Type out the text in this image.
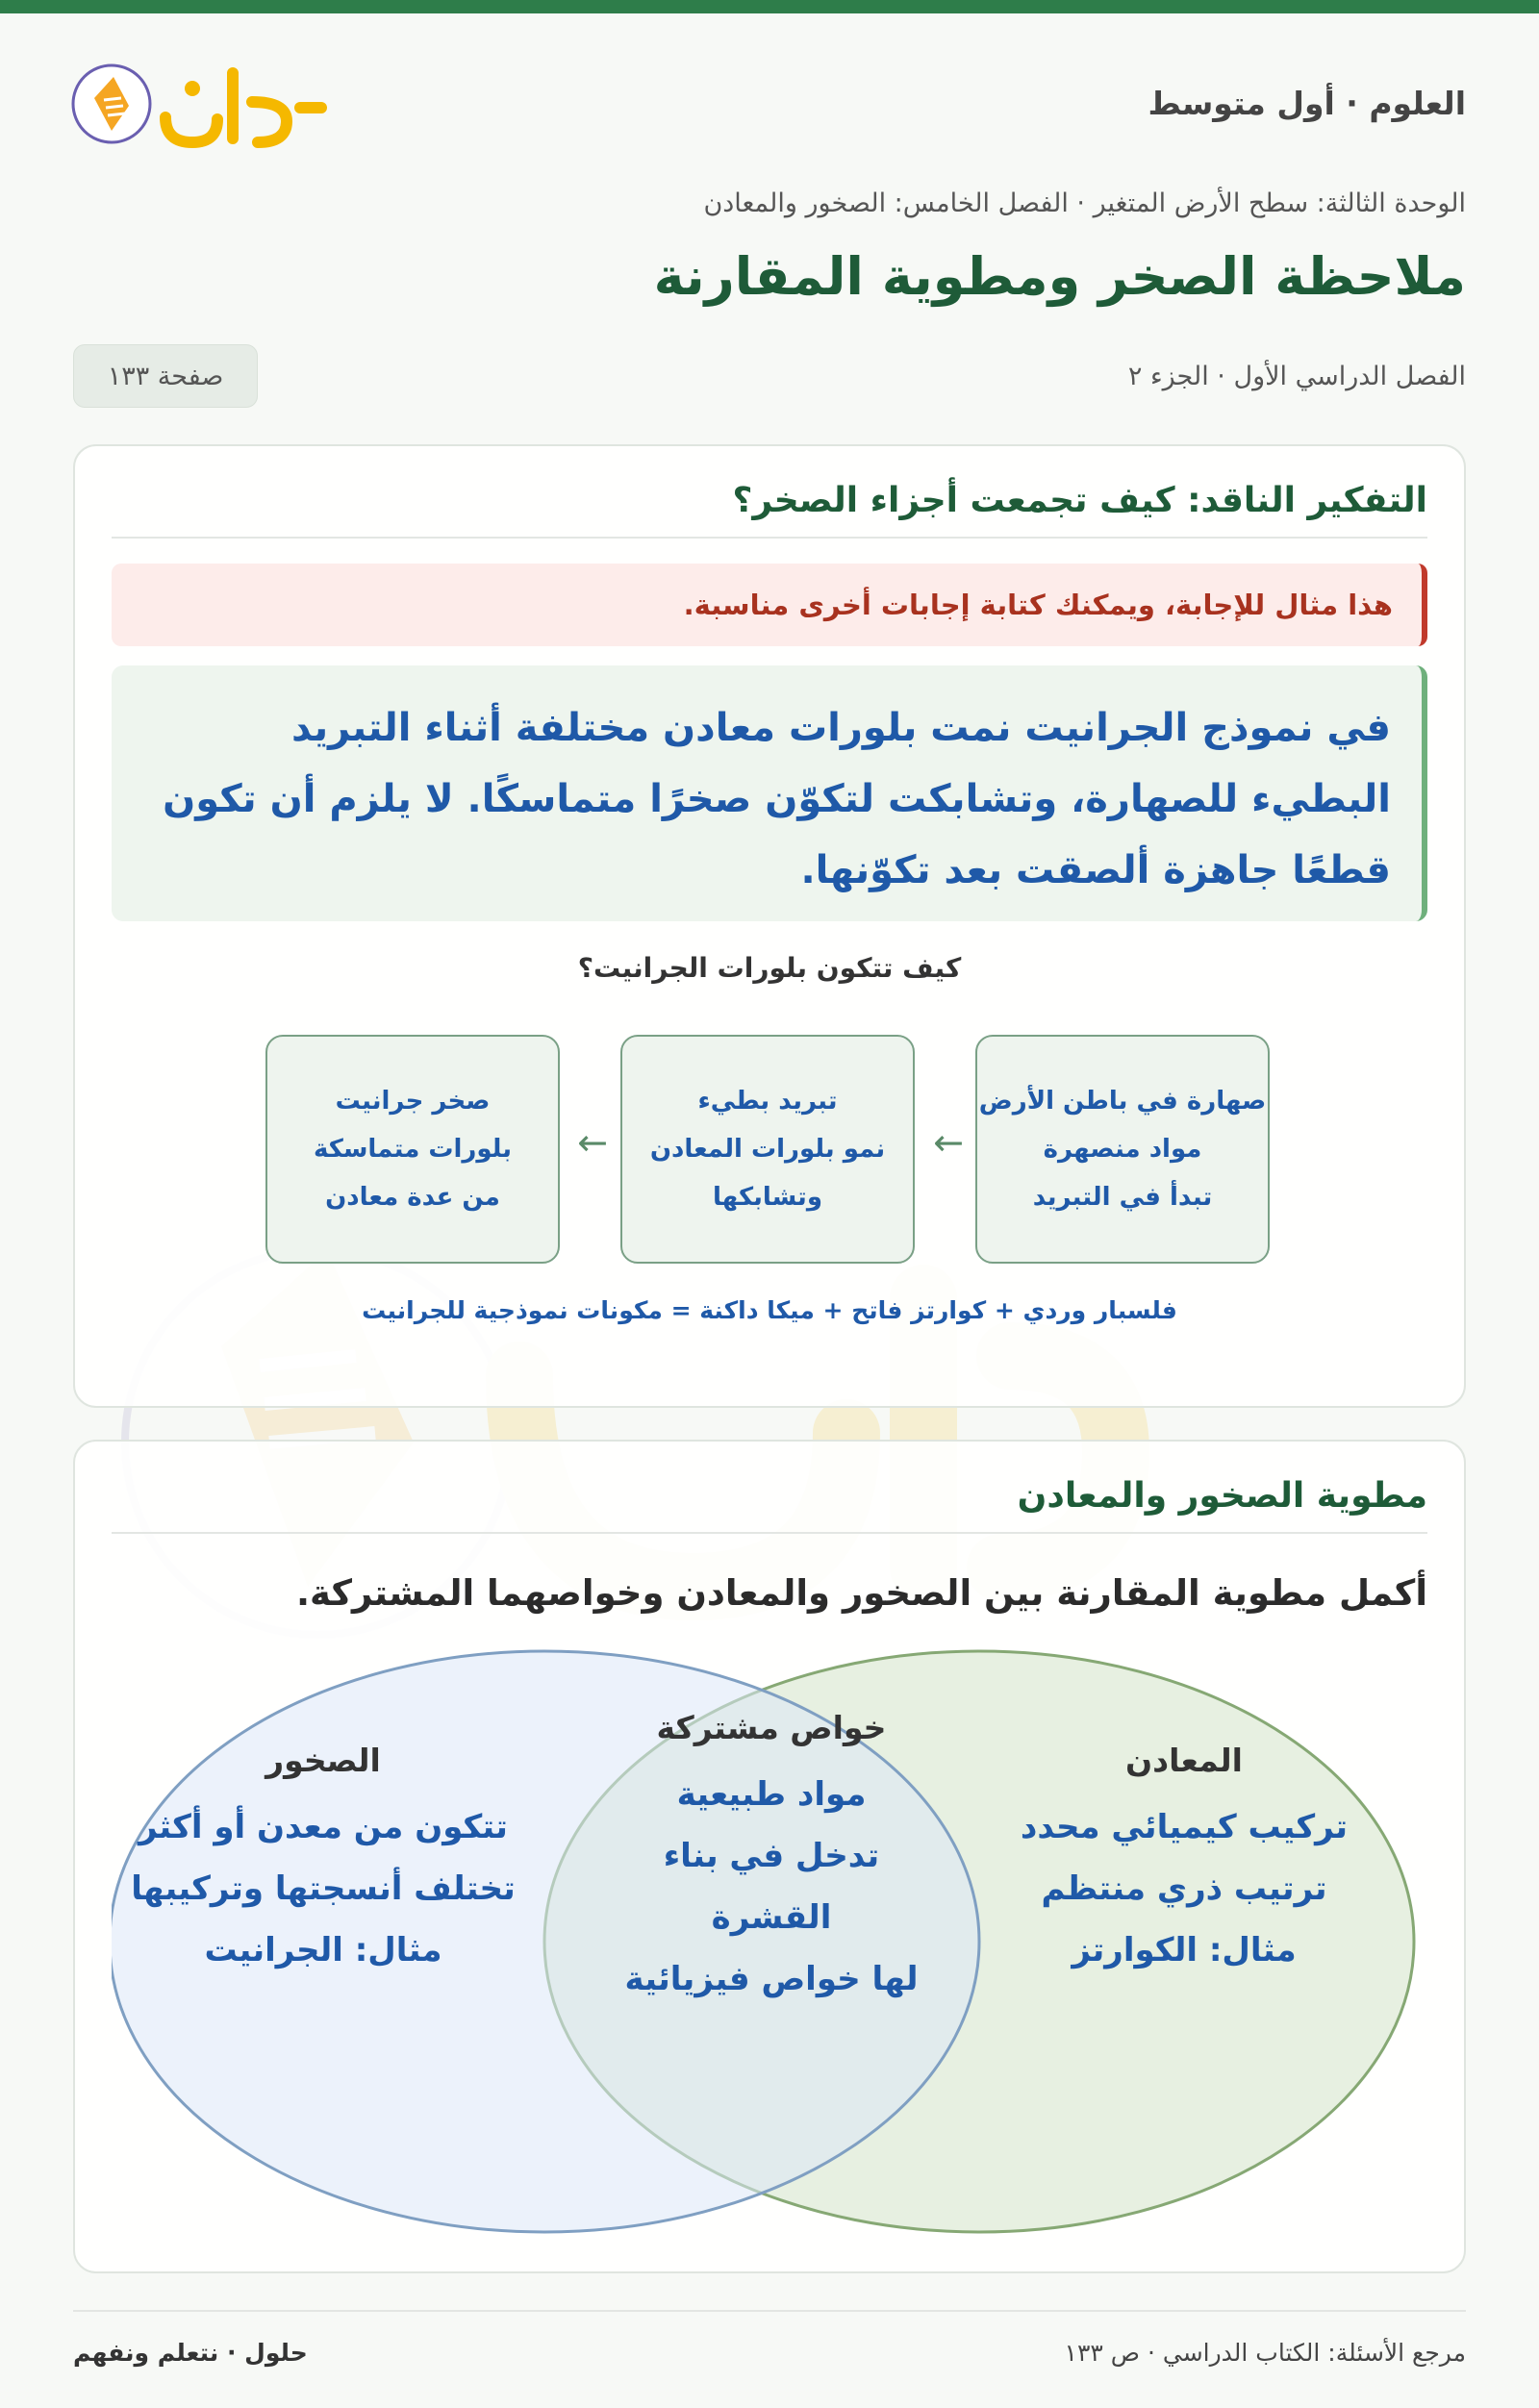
العلوم · أول متوسط
الوحدة الثالثة: سطح الأرض المتغير · الفصل الخامس: الصخور والمعادن
ملاحظة الصخر ومطوية المقارنة
الفصل الدراسي الأول · الجزء ٢
صفحة ١٣٣
التفكير الناقد: كيف تجمعت أجزاء الصخر؟
هذا مثال للإجابة، ويمكنك كتابة إجابات أخرى مناسبة.
في نموذج الجرانيت نمت بلورات معادن مختلفة أثناء التبريد البطيء للصهارة، وتشابكت لتكوّن صخرًا متماسكًا. لا يلزم أن تكون قطعًا جاهزة ألصقت بعد تكوّنها.
كيف تتكون بلورات الجرانيت؟
صهارة في باطن الأرض
مواد منصهرة
تبدأ في التبريد
←
تبريد بطيء
نمو بلورات المعادن
وتشابكها
←
صخر جرانيت
بلورات متماسكة
من عدة معادن
فلسبار وردي + كوارتز فاتح + ميكا داكنة = مكونات نموذجية للجرانيت
مطوية الصخور والمعادن
أكمل مطوية المقارنة بين الصخور والمعادن وخواصهما المشتركة.
الصخور
تتكون من معدن أو أكثر
تختلف أنسجتها وتركيبها
مثال: الجرانيت
خواص مشتركة
مواد طبيعية
تدخل في بناء
القشرة
لها خواص فيزيائية
المعادن
تركيب كيميائي محدد
ترتيب ذري منتظم
مثال: الكوارتز
مرجع الأسئلة: الكتاب الدراسي · ص ١٣٣
حلول · نتعلم ونفهم
